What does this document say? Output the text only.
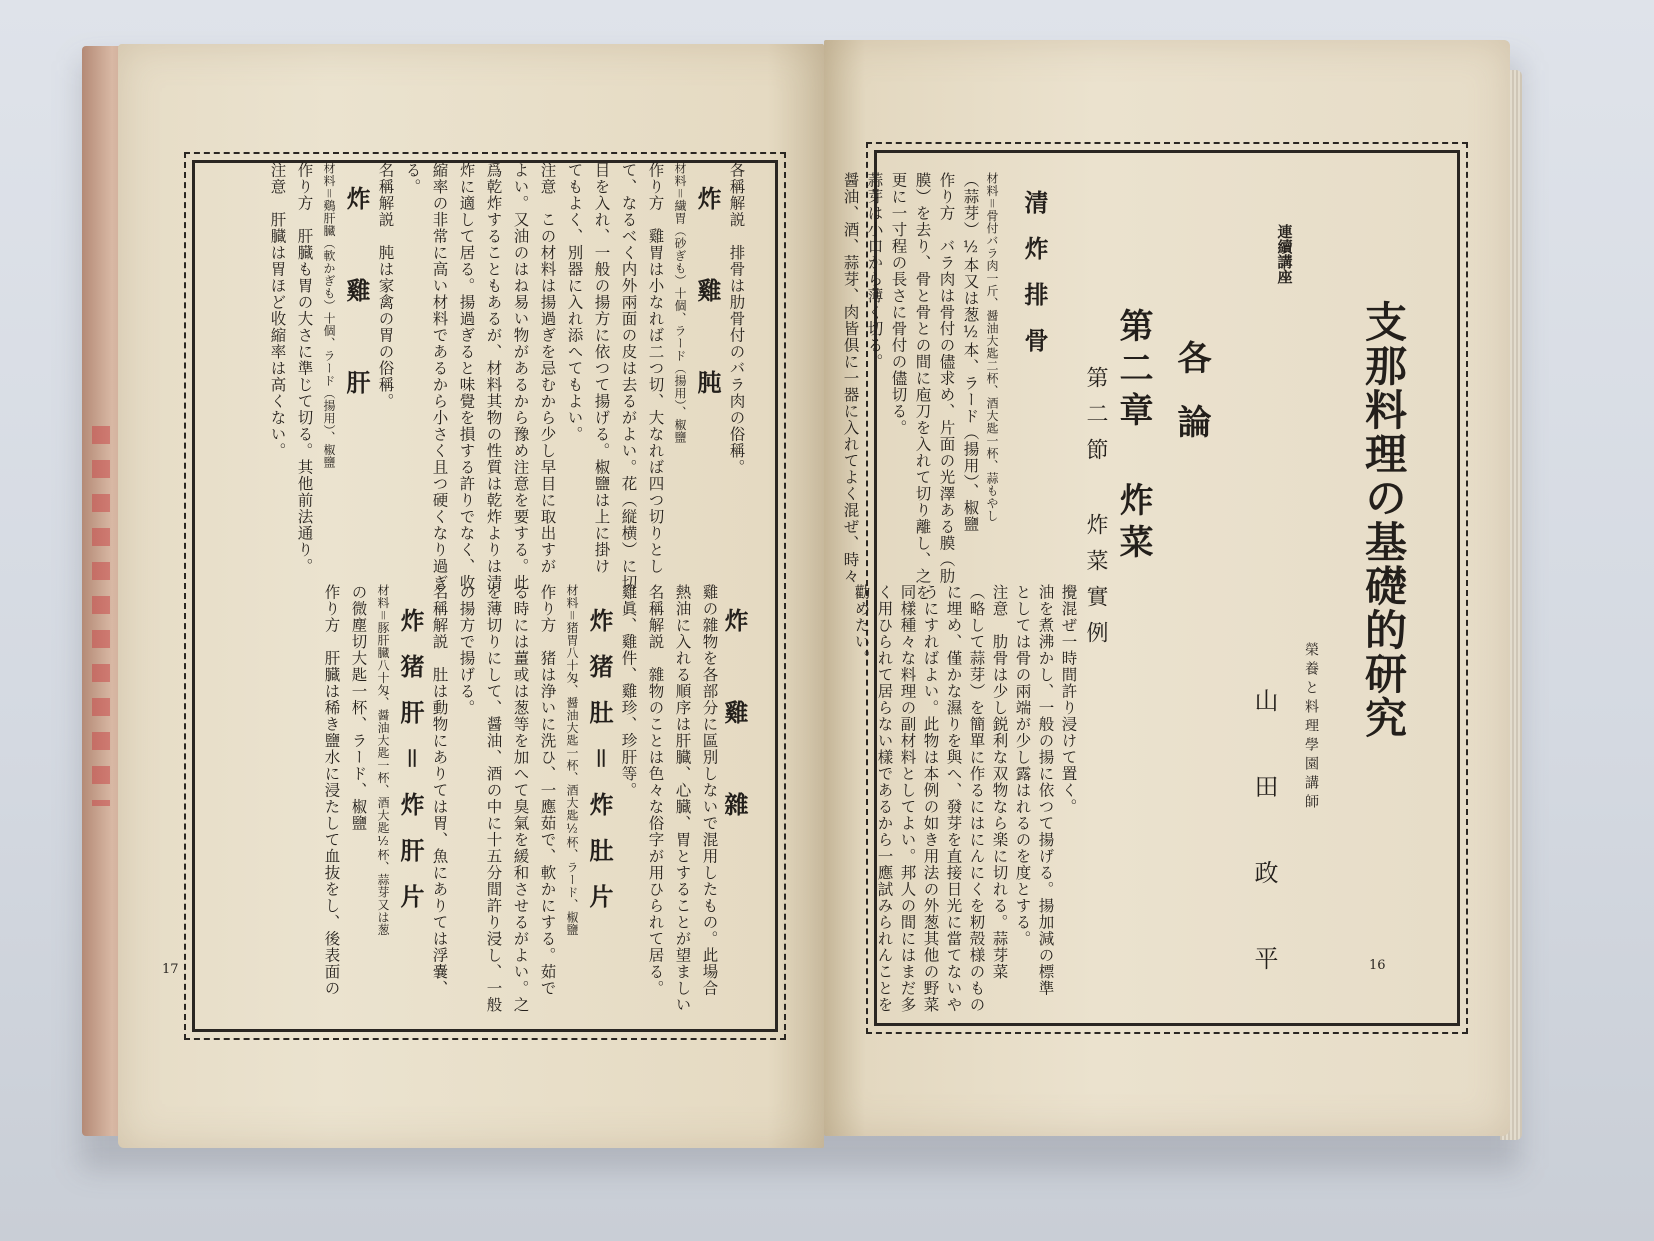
17
各稱解説　排骨は肋骨付のバラ肉の俗稱。
炸　雞　肫
材料＝繊胃（砂ぎも）十個、ラード（揚用）、椒鹽
作り方　雞胃は小なれば二つ切、大なれば四つ切りとし
て、なるべく内外兩面の皮は去るがよい。花（縦横）に切
目を入れ、一般の揚方に依つて揚げる。椒鹽は上に掛け
てもよく、別器に入れ添へてもよい。
注意　この材料は揚過ぎを忌むから少し早目に取出すが
よい。又油のはね易い物があるから豫め注意を要する。此
爲乾炸することもあるが、材料其物の性質は乾炸よりは清
炸に適して居る。揚過ぎると味覺を損する許りでなく、收
縮率の非常に高い材料であるから小さく且つ硬くなり過ぎ
る。
名稱解説　肫は家禽の胃の俗稱。
炸　雞　肝
材料＝鷄肝臓（軟かぎも）十個、ラード（揚用）、椒鹽
作り方　肝臓も胃の大さに準じて切る。其他前法通り。
注意　肝臓は胃ほど收縮率は高くない。
炸　雞　雜
雞の雜物を各部分に區別しないで混用したもの。此場合
熱油に入れる順序は肝臓、心臓、胃とすることが望ましい
名稱解説　雜物のことは色々な俗字が用ひられて居る。
雞眞、雞件、雞珍、珍肝等。
炸猪肚＝炸肚片
材料＝猪胃八十匁、醤油大匙一杯、酒大匙½杯、ラード、椒鹽
作り方　猪は浄いに洗ひ、一應茹で、軟かにする。茹で
る時には薑或は葱等を加へて臭氣を緩和させるがよい。之
を薄切りにして、醤油、酒の中に十五分間許り浸し、一般
の揚方で揚げる。
名稱解説　肚は動物にありては胃、魚にありては浮嚢、
炸猪肝＝炸肝片
材料＝豚肝臓八十匁、醤油大匙一杯、酒大匙½杯、蒜芽又は葱
の微塵切大匙一杯、ラード、椒鹽
作り方　肝臓は稀き鹽水に浸たして血抜をし、後表面の	16
連續講座
支那料理の基礎的研究
榮養と料理學園講師
山田政平
各論
第二章 炸菜
第二節 炸菜實例
清炸排骨
材料＝骨付バラ肉一斤、醤油大匙二杯、酒大匙一杯、蒜もやし
（蒜芽）½本又は葱½本、ラード（揚用）、椒鹽
作り方　バラ肉は骨付の儘求め、片面の光澤ある膜（肋
膜）を去り、骨と骨との間に庖刀を入れて切り離し、之を
更に一寸程の長さに骨付の儘切る。
蒜芽は小口から薄く切る。
醤油、酒、蒜芽、肉皆倶に一器に入れてよく混ぜ、時々
攪混ぜ一時間許り浸けて置く。
油を煮沸かし、一般の揚に依つて揚げる。揚加減の標準
としては骨の兩端が少し露はれるのを度とする。
注意　肋骨は少し鋭利な双物なら楽に切れる。蒜芽菜
（略して蒜芽）を簡單に作るにはにんにくを籾殻様のもの
に埋め、僅かな濕りを與へ、發芽を直接日光に當てないや
うにすればよい。此物は本例の如き用法の外葱其他の野菜
同樣種々な料理の副材料としてよい。邦人の間にはまだ多
く用ひられて居らない樣であるから一應試みられんことを
勸めたい。
